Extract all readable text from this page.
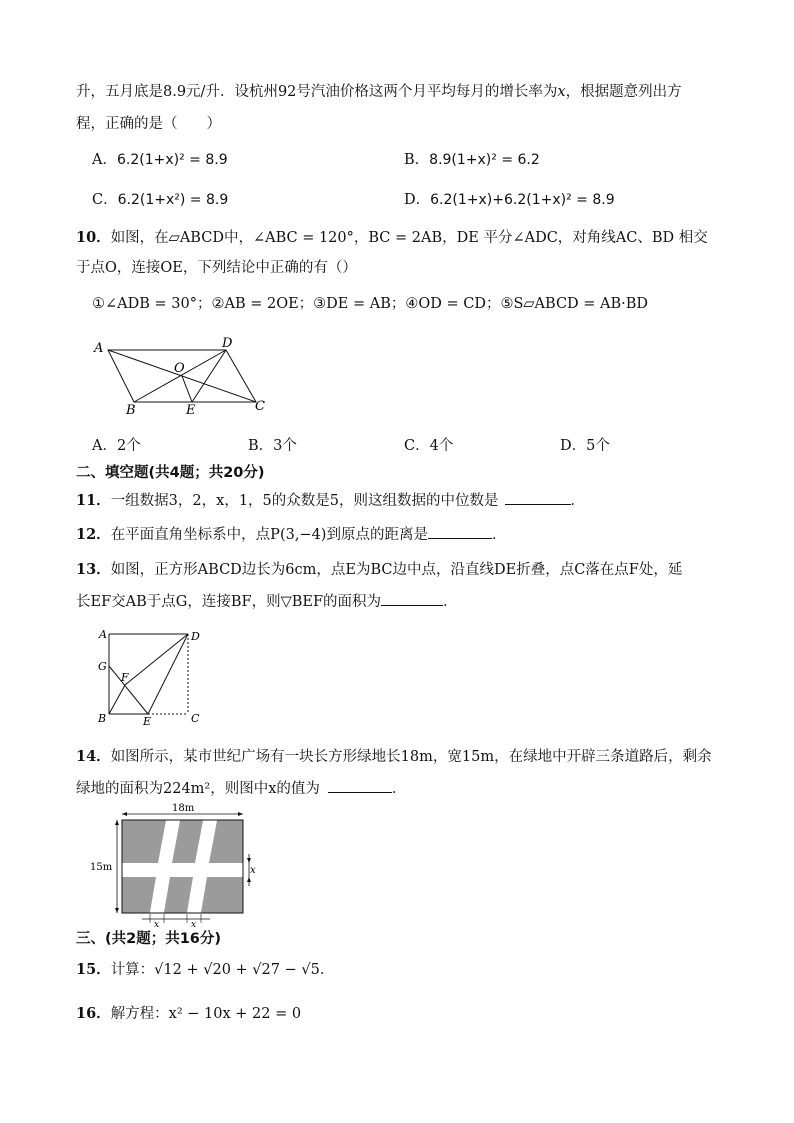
升，五月底是8.9元/升．设杭州92号汽油价格这两个月平均每月的增长率为x，根据题意列出方
程，正确的是（　　）
A．6.2(1+x)² = 8.9	B．8.9(1+x)² = 6.2
C．6.2(1+x²) = 8.9	D．6.2(1+x)+6.2(1+x)² = 8.9
10．如图，在▱ABCD中，∠ABC = 120°，BC = 2AB，DE 平分∠ADC，对角线AC、BD 相交
于点O，连接OE，下列结论中正确的有（）
①∠ADB = 30°；②AB = 2OE；③DE = AB；④OD = CD；⑤S▱ABCD = AB·BD
A	D
O
B	E	C
A．2个	B．3个	C．4个	D．5个
二、填空题(共4题；共20分)
11．一组数据3，2，x，1，5的众数是5，则这组数据的中位数是	．
12．在平面直角坐标系中，点P(3,−4)到原点的距离是	．
13．如图，正方形ABCD边长为6cm，点E为BC边中点，沿直线DE折叠，点C落在点F处，延
长EF交AB于点G，连接BF，则▽BEF的面积为	．
A	D
G
F
B	E	C
14．如图所示，某市世纪广场有一块长方形绿地长18m，宽15m，在绿地中开辟三条道路后，剩余
绿地的面积为224m²，则图中x的值为	．
18m
15m	x
x	x
三、(共2题；共16分)
15．计算：√12 + √20 + √27 − √5．
16．解方程：x² − 10x + 22 = 0
